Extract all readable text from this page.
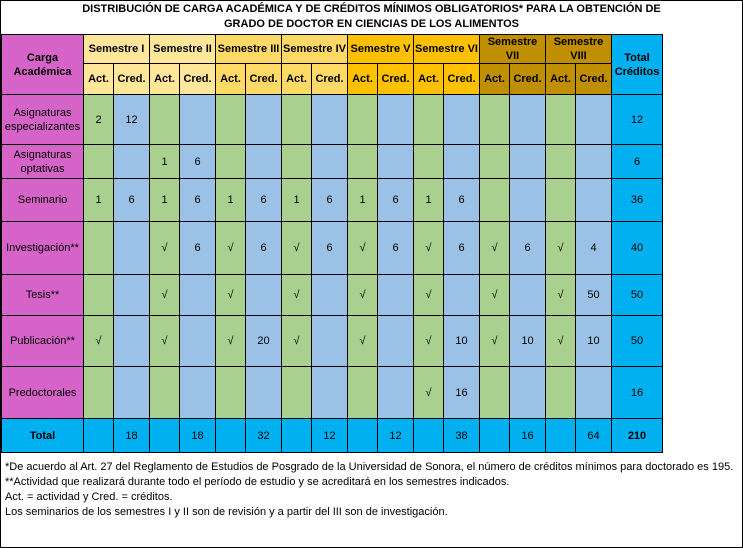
DISTRIBUCIÓN DE CARGA ACADÉMICA Y DE CRÉDITOS MÍNIMOS OBLIGATORIOS* PARA LA OBTENCIÓN DE
GRADO DE DOCTOR EN CIENCIAS DE LOS ALIMENTOS
Carga Académica	Semestre I		Semestre II		Semestre III		Semestre IV		Semestre V		Semestre VI		Semestre VII		Semestre VIII		Total Créditos
	Act.	Cred.	Act.	Cred.	Act.	Cred.	Act.	Cred.	Act.	Cred.	Act.	Cred.	Act.	Cred.	Act.	Cred.	
Asignaturas especializantes	2	12															12
Asignaturas optativas			1	6													6
Seminario	1	6	1	6	1	6	1	6	1	6	1	6					36
Investigación**			√	6	√	6	√	6	√	6	√	6	√	6	√	4	40
Tesis**			√		√		√		√		√		√		√	50	50
Publicación**	√		√		√	20	√		√		√	10	√	10	√	10	50
Predoctorales											√	16					16
Total		18		18		32		12		12		38		16		64	210
*De acuerdo al Art. 27 del Reglamento de Estudios de Posgrado de la Universidad de Sonora, el número de créditos mínimos para doctorado es 195.
**Actividad que realizará durante todo el período de estudio y se acreditará en los semestres indicados.
Act. = actividad y Cred. = créditos.
Los seminarios de los semestres I y II son de revisión y a partir del III son de investigación.
